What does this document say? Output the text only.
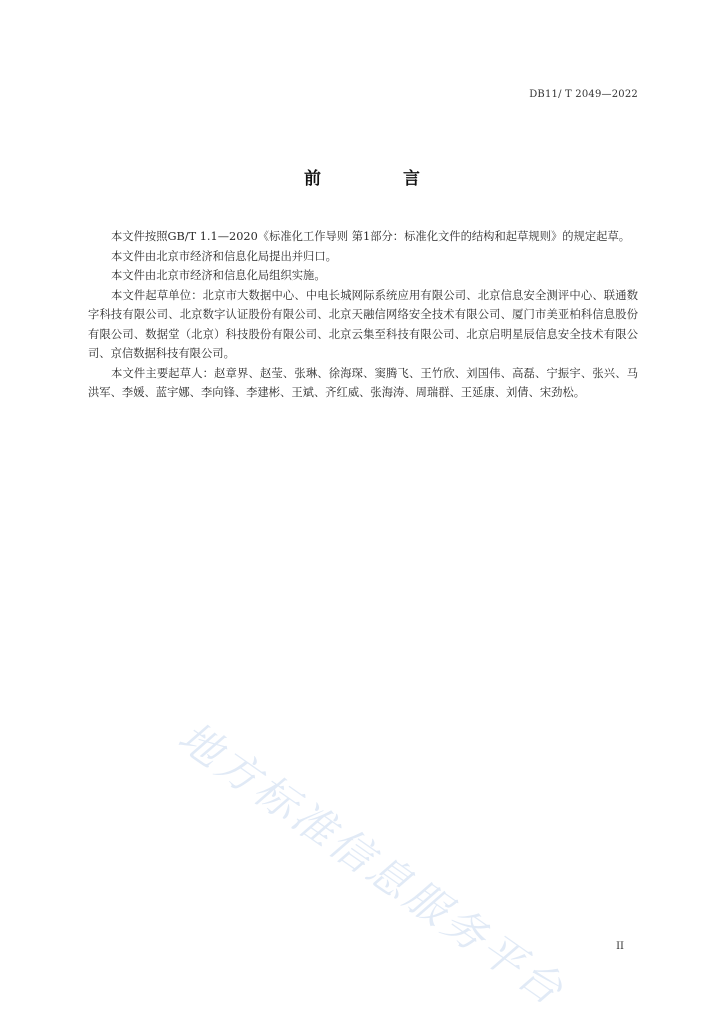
DB11/ T 2049—2022
前 言

本文件按照GB/T 1.1—2020《标准化工作导则 第1部分：标准化文件的结构和起草规则》的规定起草。

本文件由北京市经济和信息化局提出并归口。

本文件由北京市经济和信息化局组织实施。

本文件起草单位：北京市大数据中心、中电长城网际系统应用有限公司、北京信息安全测评中心、联通数字科技有限公司、北京数字认证股份有限公司、北京天融信网络安全技术有限公司、厦门市美亚柏科信息股份有限公司、数据堂（北京）科技股份有限公司、北京云集至科技有限公司、北京启明星辰信息安全技术有限公司、京信数据科技有限公司。

本文件主要起草人：赵章界、赵莹、张琳、徐海琛、窦腾飞、王竹欣、刘国伟、高磊、宁振宇、张兴、马洪军、李媛、蓝宇娜、李向锋、李建彬、王斌、齐红威、张海涛、周瑞群、王延康、刘倩、宋劲松。

地方标准信息服务平台	II
